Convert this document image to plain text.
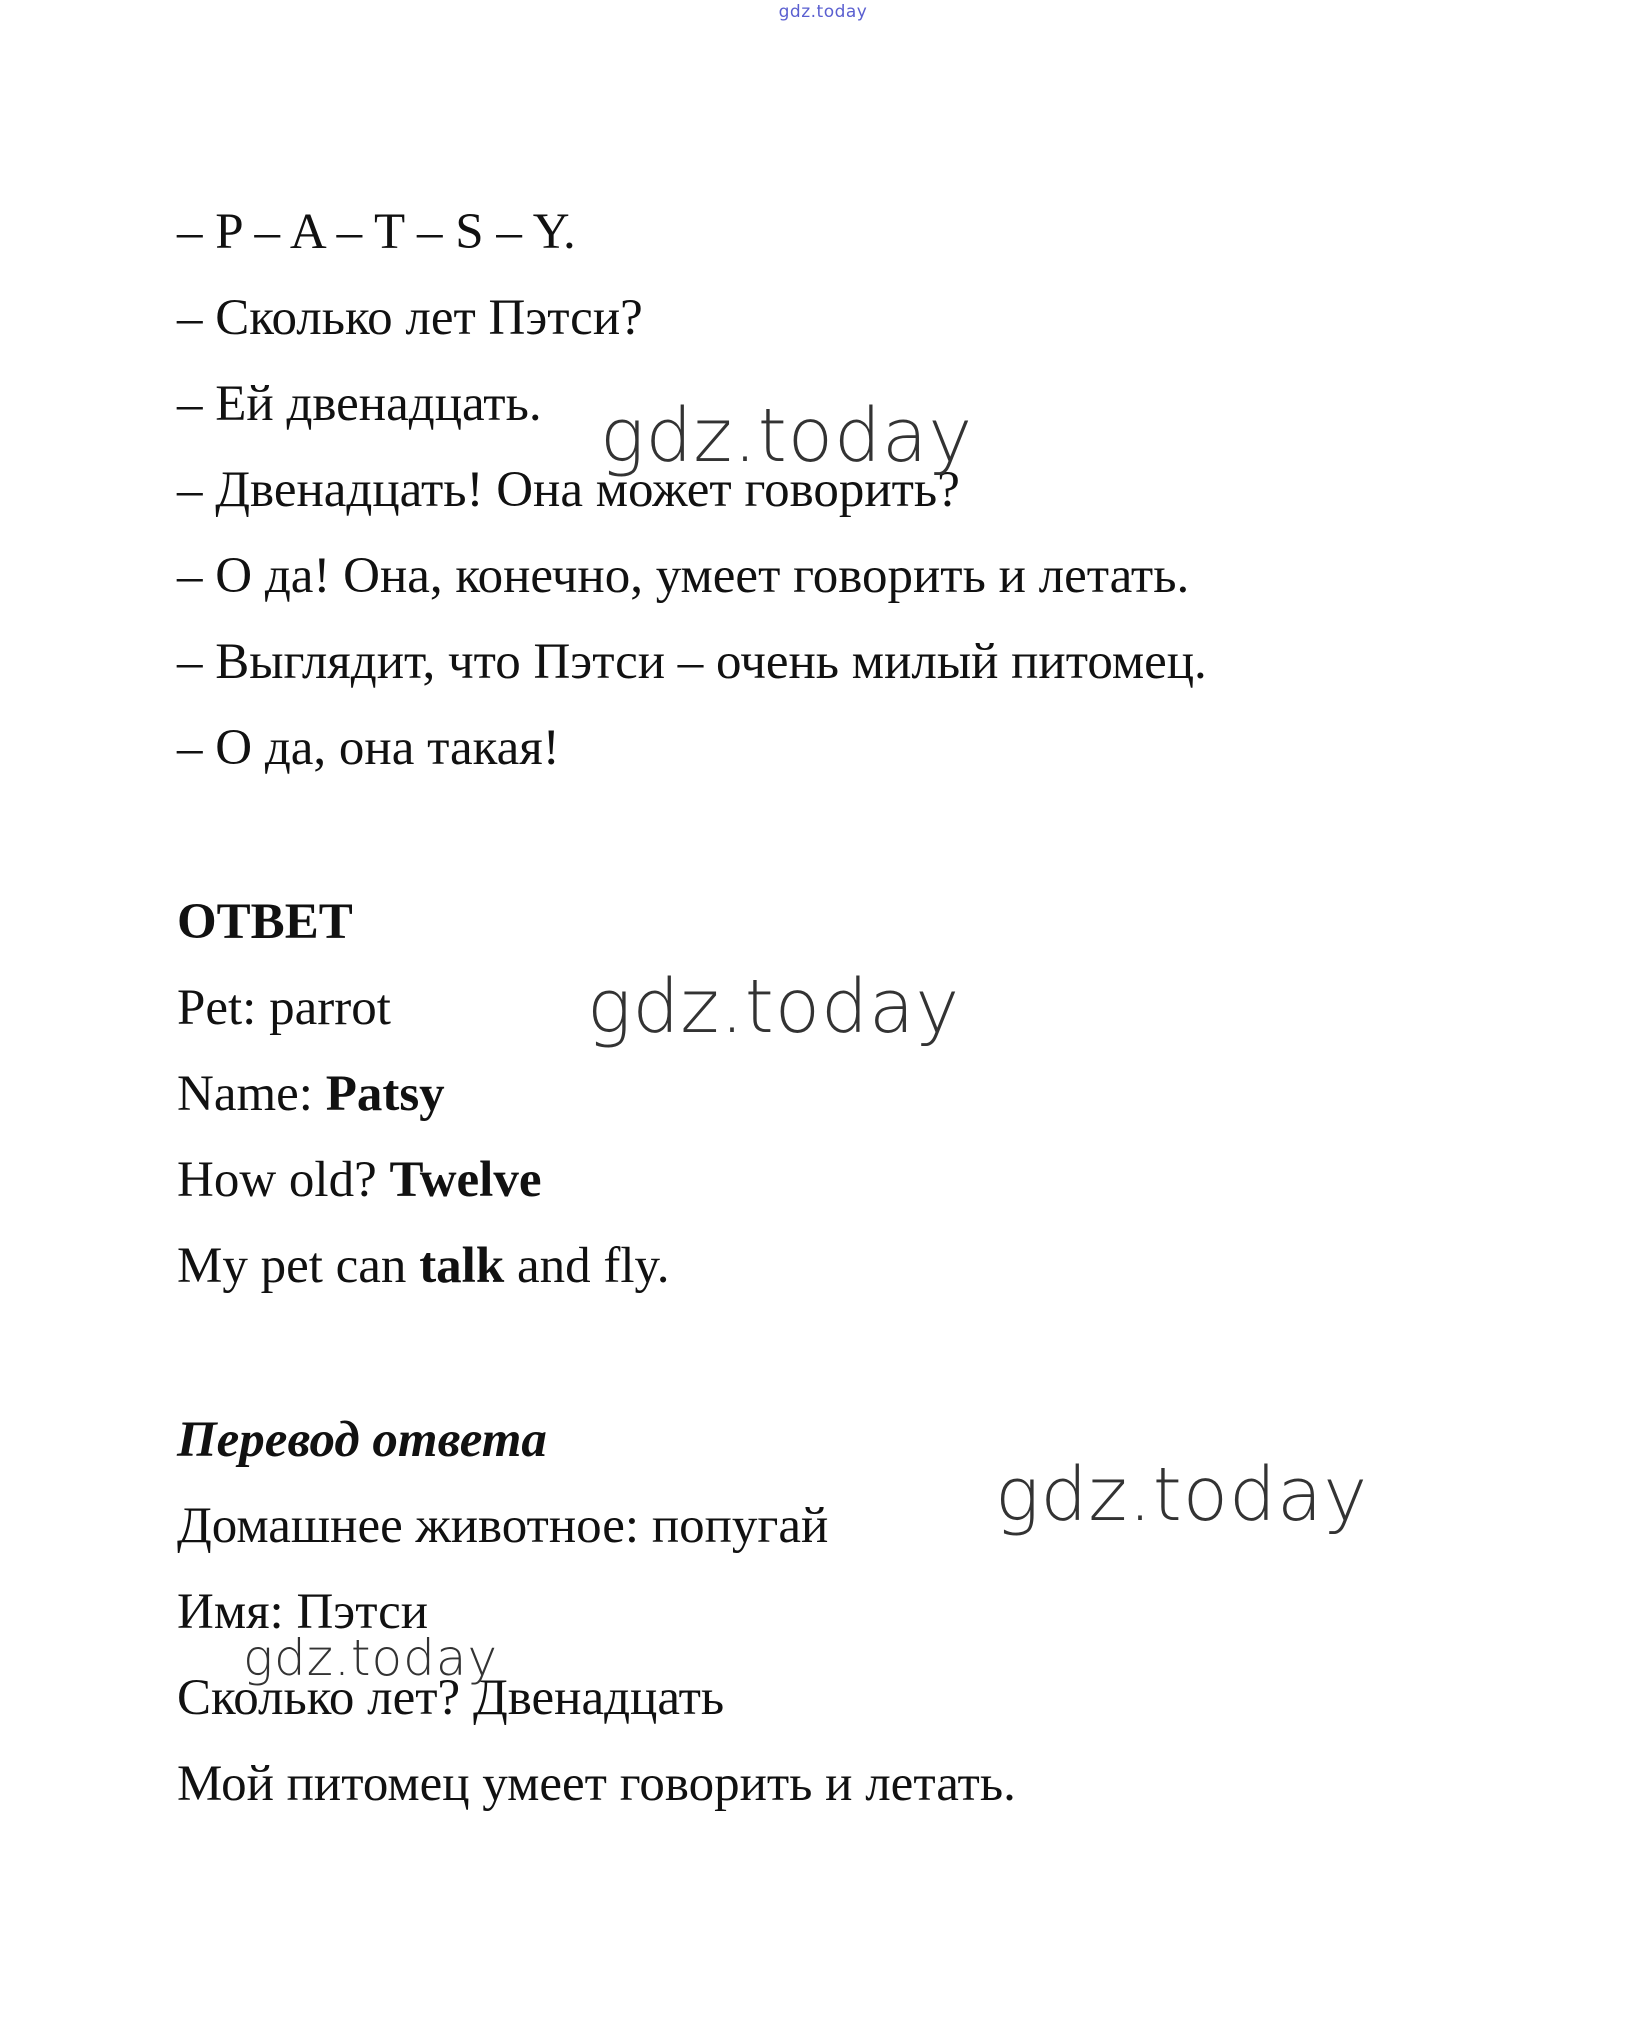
gdz.today
– P – A – T – S – Y.
– Сколько лет Пэтси?
– Ей двенадцать.
– Двенадцать! Она может говорить?
– О да! Она, конечно, умеет говорить и летать.
– Выглядит, что Пэтси – очень милый питомец.
– О да, она такая!
ОТВЕТ
Pet: parrot
Name: Patsy
How old? Twelve
My pet can talk and fly.
Перевод ответа
Домашнее животное: попугай
Имя: Пэтси
Сколько лет? Двенадцать
Мой питомец умеет говорить и летать.
gdz.today
gdz.today
gdz.today
gdz.today
